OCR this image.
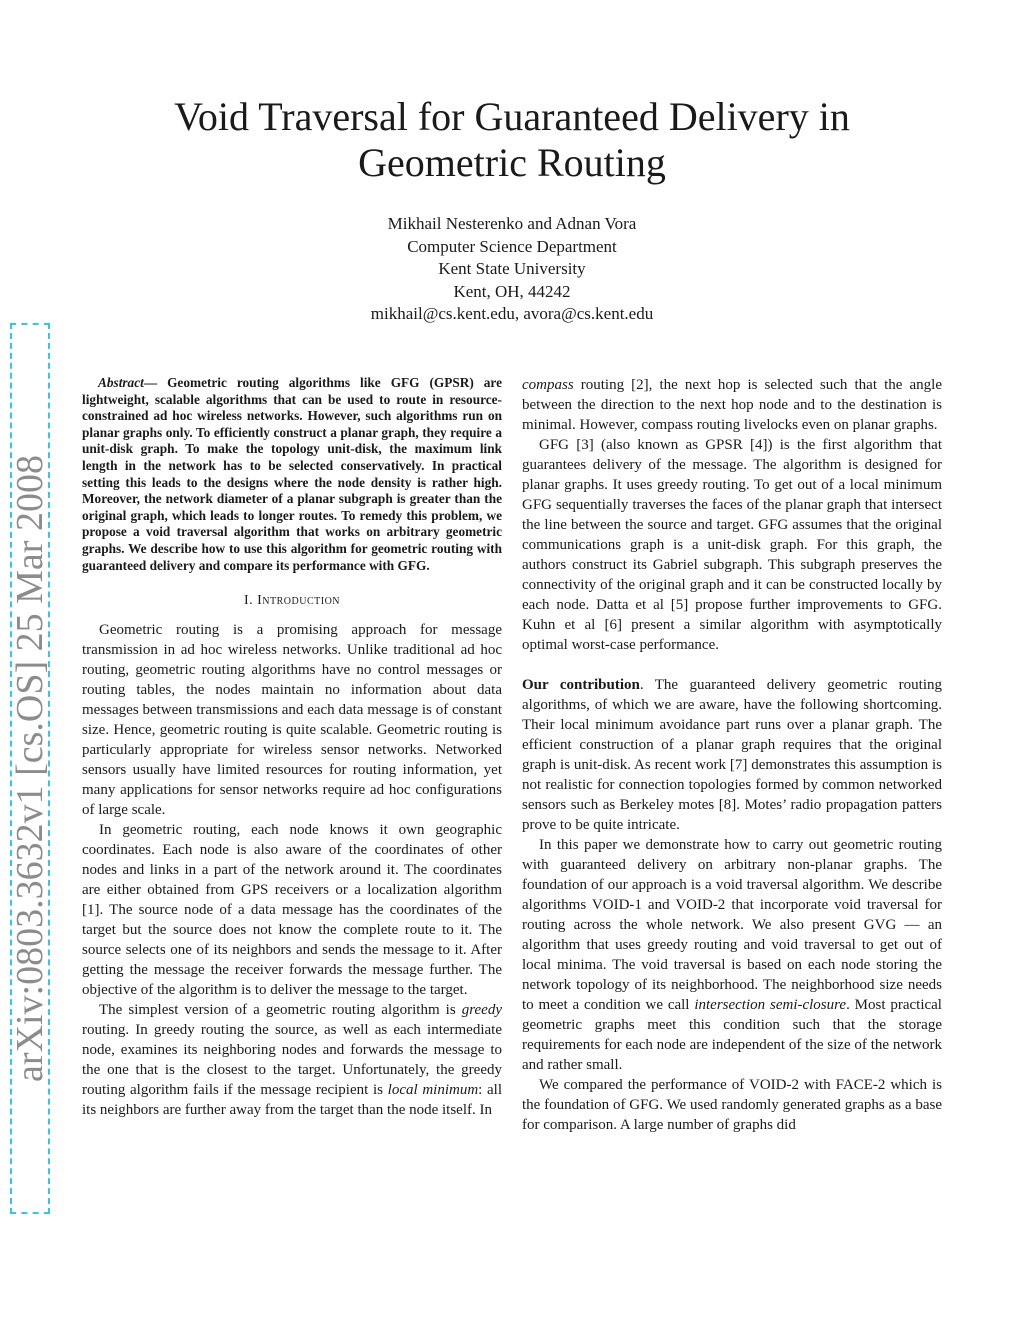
arXiv:0803.3632v1 [cs.OS] 25 Mar 2008
Void Traversal for Guaranteed Delivery in Geometric Routing
Mikhail Nesterenko and Adnan Vora
Computer Science Department
Kent State University
Kent, OH, 44242
mikhail@cs.kent.edu, avora@cs.kent.edu

Abstract— Geometric routing algorithms like GFG (GPSR) are lightweight, scalable algorithms that can be used to route in resource-constrained ad hoc wireless networks. However, such algorithms run on planar graphs only. To efficiently construct a planar graph, they require a unit-disk graph. To make the topology unit-disk, the maximum link length in the network has to be selected conservatively. In practical setting this leads to the designs where the node density is rather high. Moreover, the network diameter of a planar subgraph is greater than the original graph, which leads to longer routes. To remedy this problem, we propose a void traversal algorithm that works on arbitrary geometric graphs. We describe how to use this algorithm for geometric routing with guaranteed delivery and compare its performance with GFG.

I. Introduction

Geometric routing is a promising approach for message transmission in ad hoc wireless networks. Unlike traditional ad hoc routing, geometric routing algorithms have no control messages or routing tables, the nodes maintain no information about data messages between transmissions and each data message is of constant size. Hence, geometric routing is quite scalable. Geometric routing is particularly appropriate for wireless sensor networks. Networked sensors usually have limited resources for routing information, yet many applications for sensor networks require ad hoc configurations of large scale.

In geometric routing, each node knows it own geographic coordinates. Each node is also aware of the coordinates of other nodes and links in a part of the network around it. The coordinates are either obtained from GPS receivers or a localization algorithm [1]. The source node of a data message has the coordinates of the target but the source does not know the complete route to it. The source selects one of its neighbors and sends the message to it. After getting the message the receiver forwards the message further. The objective of the algorithm is to deliver the message to the target.

The simplest version of a geometric routing algorithm is greedy routing. In greedy routing the source, as well as each intermediate node, examines its neighboring nodes and forwards the message to the one that is the closest to the target. Unfortunately, the greedy routing algorithm fails if the message recipient is local minimum: all its neighbors are further away from the target than the node itself. In

compass routing [2], the next hop is selected such that the angle between the direction to the next hop node and to the destination is minimal. However, compass routing livelocks even on planar graphs.

GFG [3] (also known as GPSR [4]) is the first algorithm that guarantees delivery of the message. The algorithm is designed for planar graphs. It uses greedy routing. To get out of a local minimum GFG sequentially traverses the faces of the planar graph that intersect the line between the source and target. GFG assumes that the original communications graph is a unit-disk graph. For this graph, the authors construct its Gabriel subgraph. This subgraph preserves the connectivity of the original graph and it can be constructed locally by each node. Datta et al [5] propose further improvements to GFG. Kuhn et al [6] present a similar algorithm with asymptotically optimal worst-case performance.

Our contribution. The guaranteed delivery geometric routing algorithms, of which we are aware, have the following shortcoming. Their local minimum avoidance part runs over a planar graph. The efficient construction of a planar graph requires that the original graph is unit-disk. As recent work [7] demonstrates this assumption is not realistic for connection topologies formed by common networked sensors such as Berkeley motes [8]. Motes’ radio propagation patters prove to be quite intricate.

In this paper we demonstrate how to carry out geometric routing with guaranteed delivery on arbitrary non-planar graphs. The foundation of our approach is a void traversal algorithm. We describe algorithms VOID-1 and VOID-2 that incorporate void traversal for routing across the whole network. We also present GVG — an algorithm that uses greedy routing and void traversal to get out of local minima. The void traversal is based on each node storing the network topology of its neighborhood. The neighborhood size needs to meet a condition we call intersection semi-closure. Most practical geometric graphs meet this condition such that the storage requirements for each node are independent of the size of the network and rather small.

We compared the performance of VOID-2 with FACE-2 which is the foundation of GFG. We used randomly generated graphs as a base for comparison. A large number of graphs did
